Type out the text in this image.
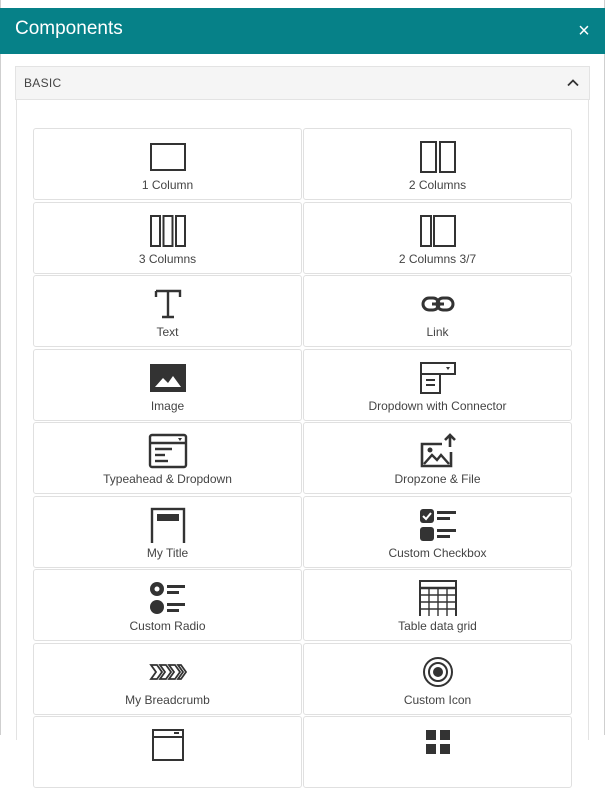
Components	×
BASIC
1 Column	2 Columns
3 Columns	2 Columns 3/7
Text	Link
Image	Dropdown with Connector
Typeahead & Dropdown	Dropzone & File
My Title	Custom Checkbox
Custom Radio	Table data grid
My Breadcrumb	Custom Icon
